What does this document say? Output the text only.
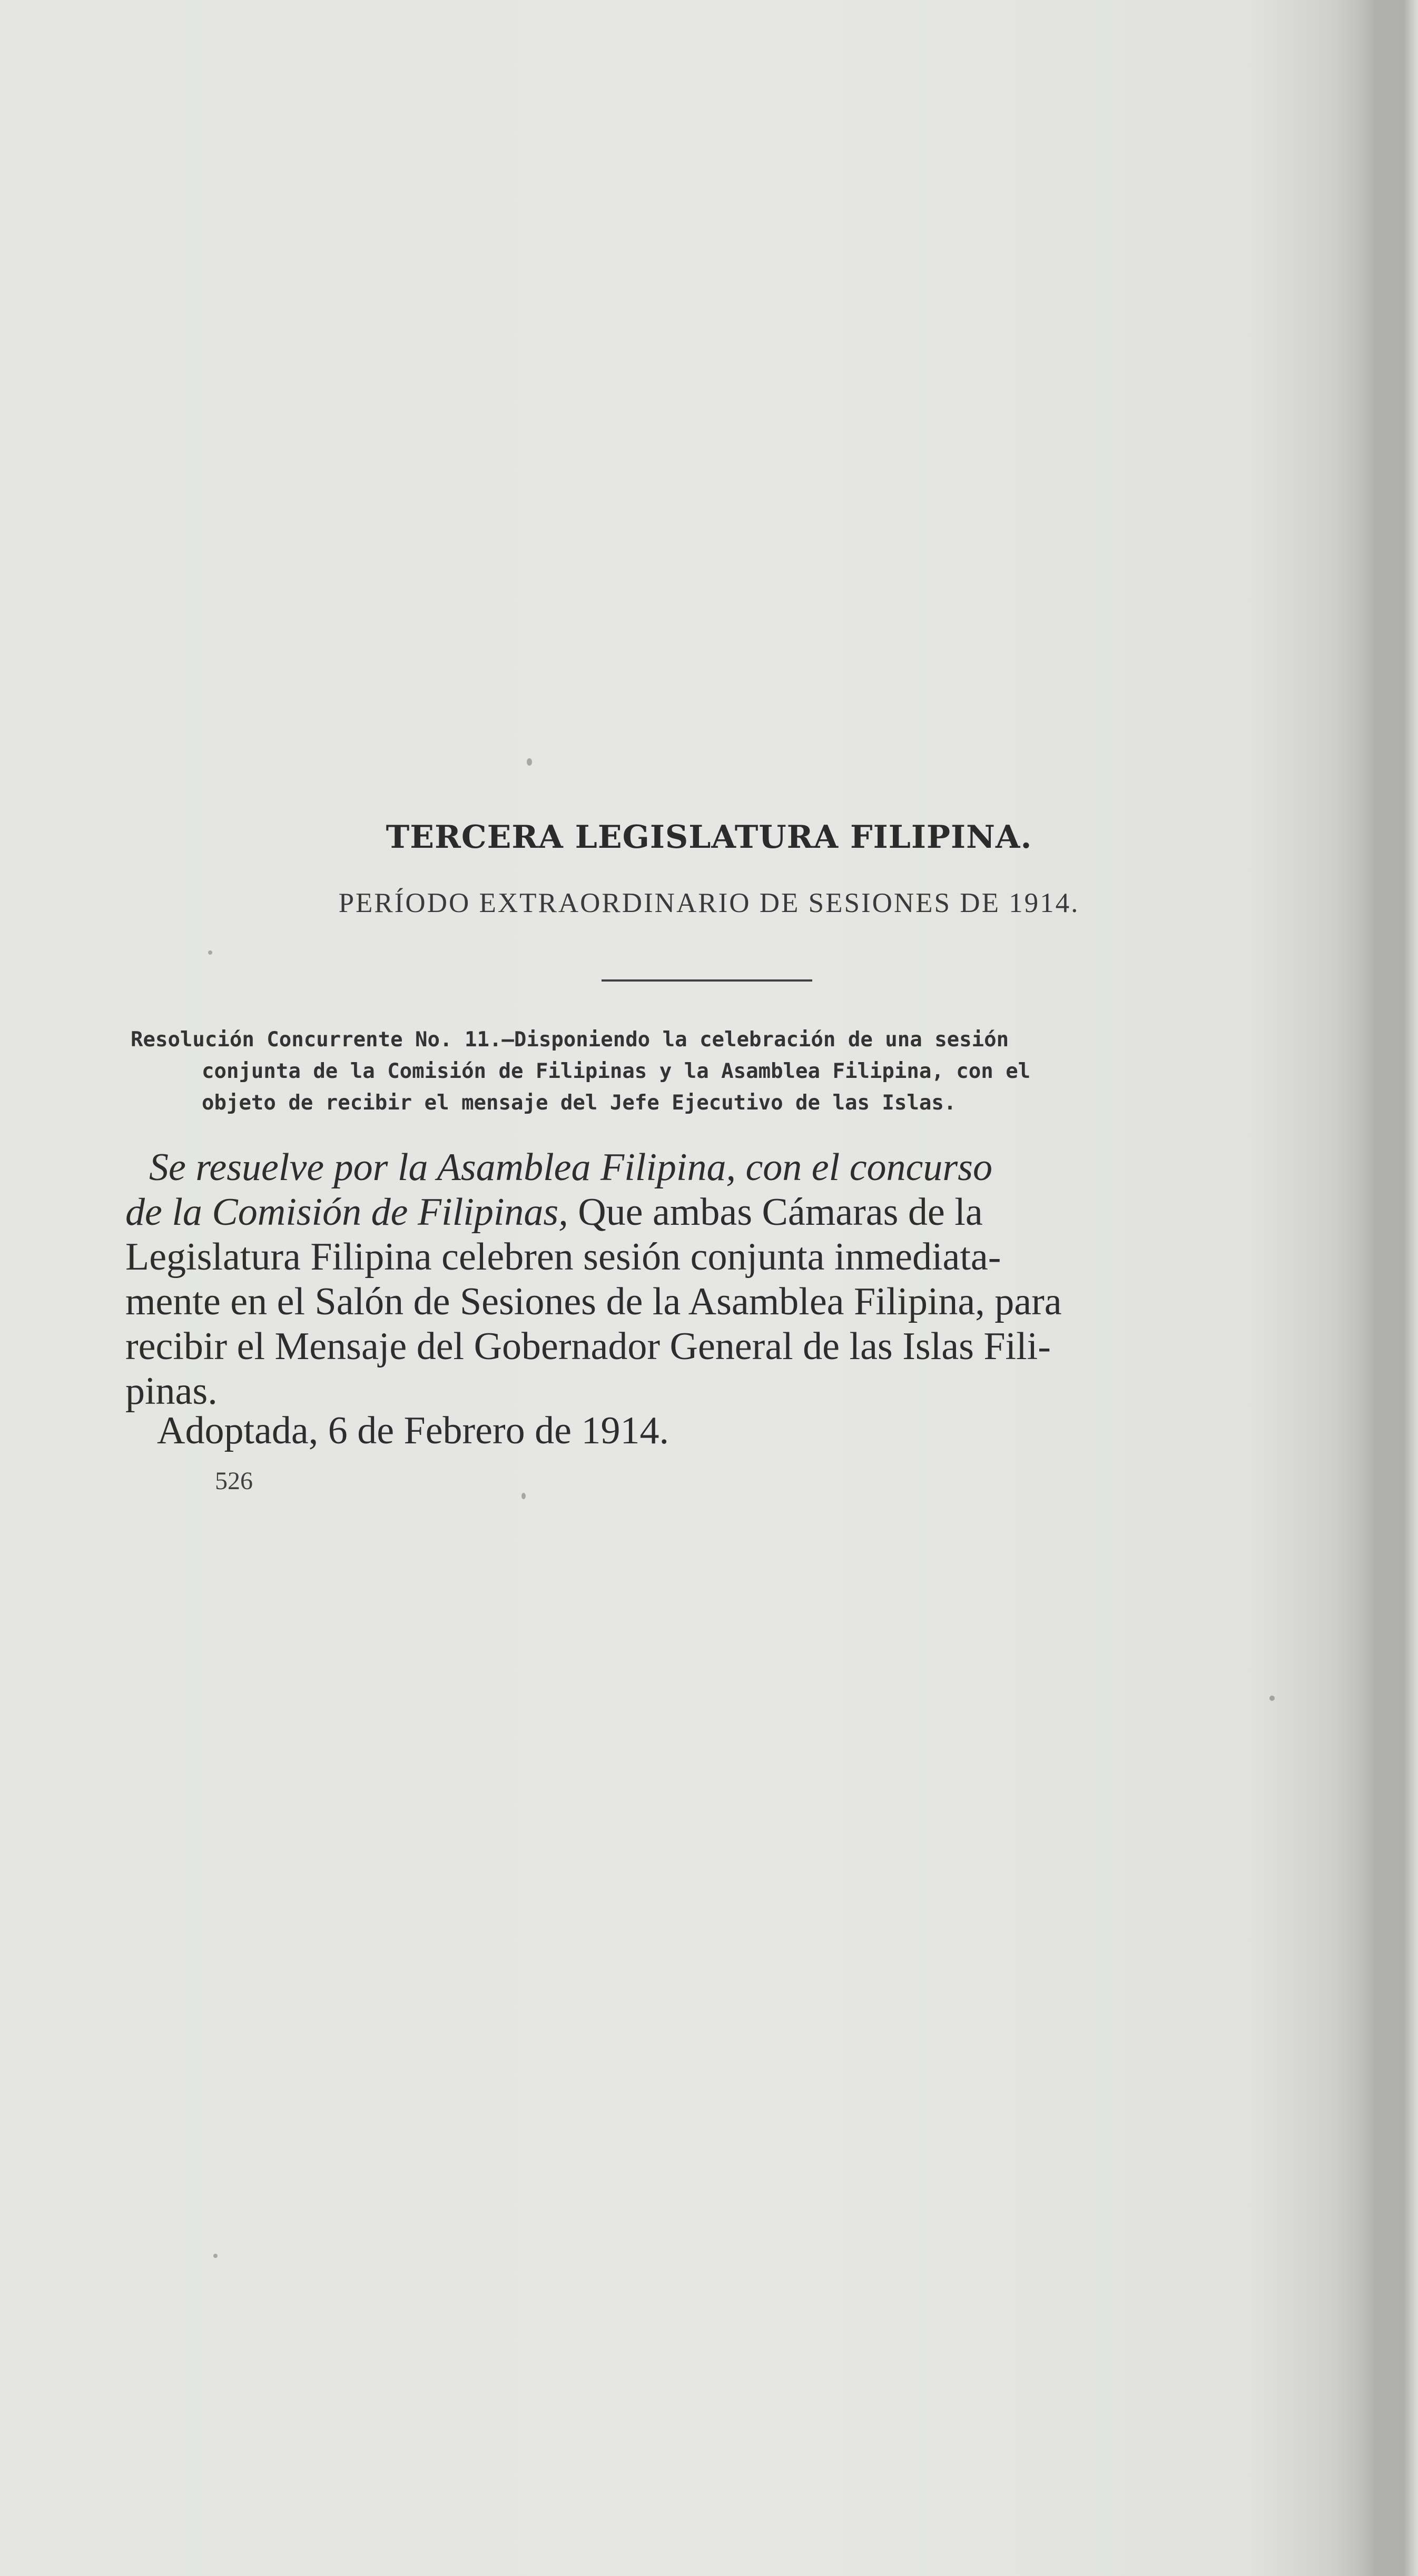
TERCERA LEGISLATURA FILIPINA.
PERÍODO EXTRAORDINARIO DE SESIONES DE 1914.
Resolución Concurrente No. 11.—Disponiendo la celebración de una sesión
conjunta de la Comisión de Filipinas y la Asamblea Filipina, con el
objeto de recibir el mensaje del Jefe Ejecutivo de las Islas.
Se resuelve por la Asamblea Filipina, con el concurso
de la Comisión de Filipinas, Que ambas Cámaras de la
Legislatura Filipina celebren sesión conjunta inmediata-
mente en el Salón de Sesiones de la Asamblea Filipina, para
recibir el Mensaje del Gobernador General de las Islas Fili-
pinas.
Adoptada, 6 de Febrero de 1914.
526
